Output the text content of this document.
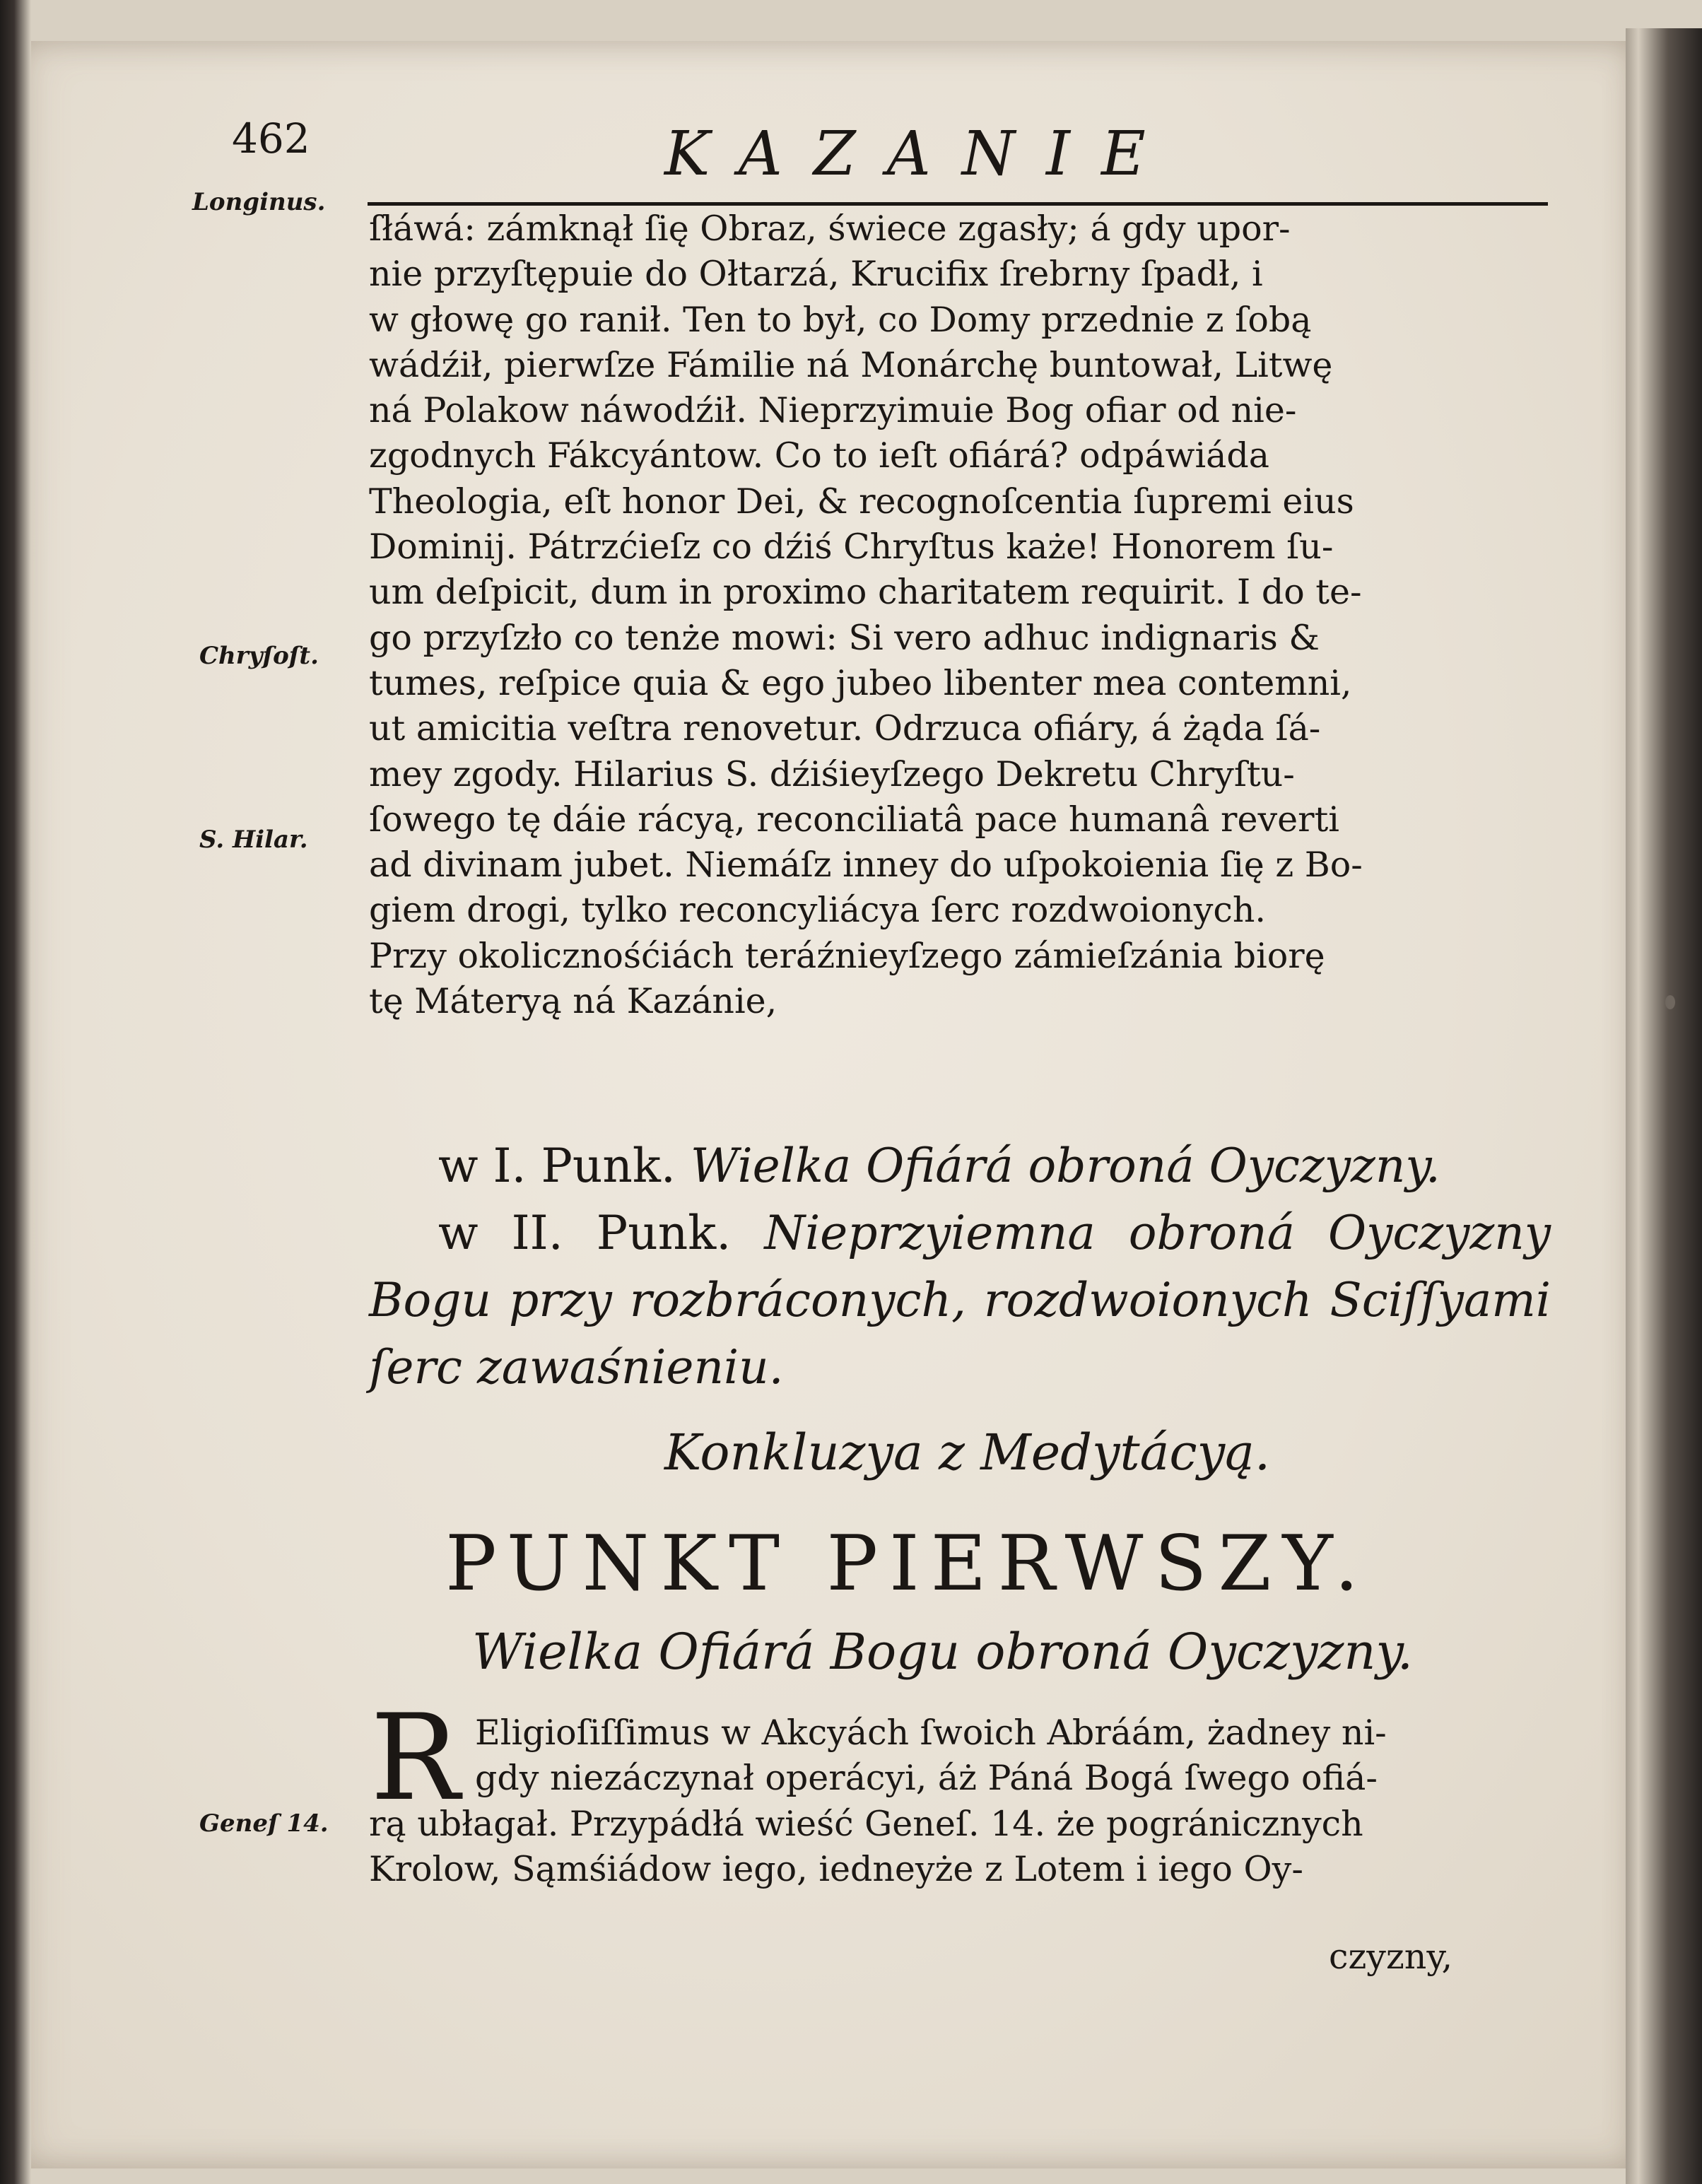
462	KAZANIE
Longinus.
Chryſoſt.
S. Hilar.
Geneſ 14.
ſłáwá: zámknął ſię Obraz, świece zgasły; á gdy upor-
nie przyſtępuie do Ołtarzá, Krucifix ſrebrny ſpadł, i
w głowę go ranił. Ten to był, co Domy przednie z ſobą
wádźił, pierwſze Fámilie ná Monárchę buntował, Litwę
ná Polakow náwodźił. Nieprzyimuie Bog ofiar od nie-
zgodnych Fákcyántow. Co to ieſt ofiárá? odpáwiáda
Theologia, eſt honor Dei, & recognoſcentia ſupremi eius
Dominij. Pátrzćieſz co dźiś Chryſtus każe! Honorem ſu-
um deſpicit, dum in proximo charitatem requirit. I do te-
go przyſzło co tenże mowi: Si vero adhuc indignaris &
tumes, reſpice quia & ego jubeo libenter mea contemni,
ut amicitia veſtra renovetur. Odrzuca ofiáry, á żąda ſá-
mey zgody. Hilarius S. dźiśieyſzego Dekretu Chryſtu-
ſowego tę dáie rácyą, reconciliatâ pace humanâ reverti
ad divinam jubet. Niemáſz inney do uſpokoienia ſię z Bo-
giem drogi, tylko reconcyliácya ſerc rozdwoionych.
Przy okolicznośćiách teráźnieyſzego zámieſzánia biorę
tę Máteryą ná Kazánie,
w I. Punk. Wielka Ofiárá obroná Oyczyzny.
w II. Punk. Nieprzyiemna obroná Oyczyzny Bogu przy rozbráconych, rozdwoionych Sciſſyami ſerc zawaśnieniu.
Konkluzya z Medytácyą.
PUNKT PIERWSZY.
Wielka Ofiárá Bogu obroná Oyczyzny.
R Eligioſiſſimus w Akcyách ſwoich Abráám, żadney ni-
gdy niezáczynał operácyi, áż Páná Bogá ſwego ofiá-
rą ubłagał. Przypádłá wieść Geneſ. 14. że pogránicznych
Krolow, Sąmśiádow iego, iedneyże z Lotem i iego Oy-
czyzny,
